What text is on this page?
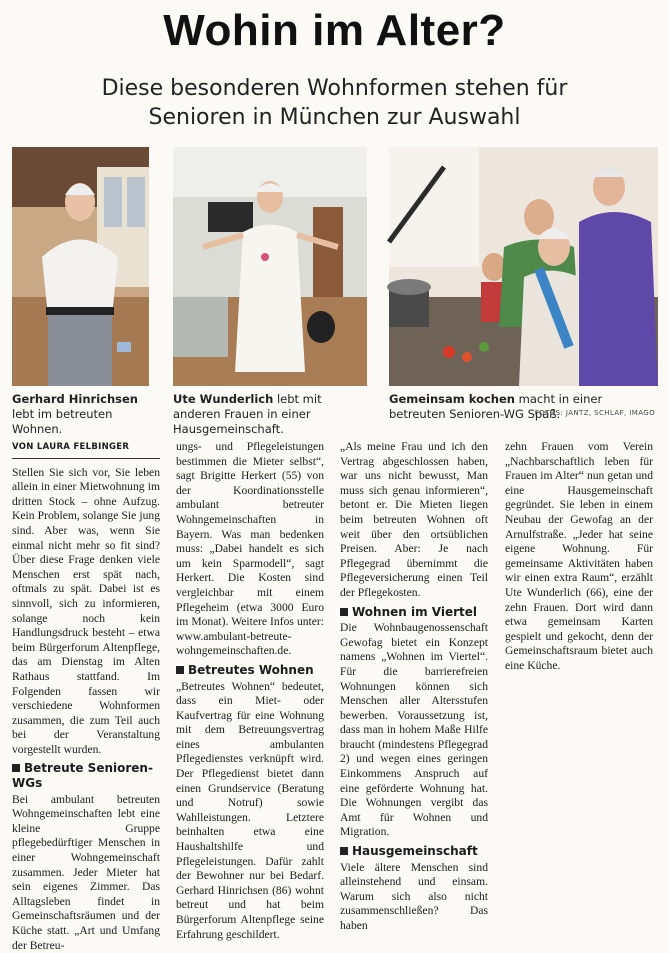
Wohin im Alter?
Diese besonderen Wohnformen stehen für Senioren in München zur Auswahl
Gerhard Hinrichsen lebt im betreuten Wohnen.
Ute Wunderlich lebt mit anderen Frauen in einer Hausgemeinschaft.
Gemeinsam kochen macht in einer betreuten Senioren-WG Spaß.
FOTOS: JANTZ, SCHLAF, IMAGO
VON LAURA FELBINGER

Stellen Sie sich vor, Sie leben allein in einer Mietwohnung im dritten Stock – ohne Aufzug. Kein Problem, solange Sie jung sind. Aber was, wenn Sie einmal nicht mehr so fit sind? Über diese Frage denken viele Menschen erst spät nach, oftmals zu spät. Dabei ist es sinnvoll, sich zu informieren, solange noch kein Handlungsdruck besteht – etwa beim Bürgerforum Altenpflege, das am Dienstag im Alten Rathaus stattfand. Im Folgenden fassen wir verschiedene Wohnformen zusammen, die zum Teil auch bei der Veranstaltung vorgestellt wurden.

Betreute Senioren-WGs

Bei ambulant betreuten Wohngemeinschaften lebt eine kleine Gruppe pflegebedürftiger Menschen in einer Wohngemeinschaft zusammen. Jeder Mieter hat sein eigenes Zimmer. Das Alltagsleben findet in Gemeinschaftsräumen und der Küche statt. „Art und Umfang der Betreu-

ungs- und Pflegeleistungen bestimmen die Mieter selbst“, sagt Brigitte Herkert (55) von der Koordinationsstelle ambulant betreuter Wohngemeinschaften in Bayern. Was man bedenken muss: „Dabei handelt es sich um kein Sparmodell“, sagt Herkert. Die Kosten sind vergleichbar mit einem Pflegeheim (etwa 3000 Euro im Monat). Weitere Infos unter: www.ambulant-betreute-wohngemeinschaften.de.

Betreutes Wohnen

„Betreutes Wohnen“ bedeutet, dass ein Miet- oder Kaufvertrag für eine Wohnung mit dem Betreuungsvertrag eines ambulanten Pflegedienstes verknüpft wird. Der Pflegedienst bietet dann einen Grundservice (Beratung und Notruf) sowie Wahlleistungen. Letztere beinhalten etwa eine Haushaltshilfe und Pflegeleistungen. Dafür zahlt der Bewohner nur bei Bedarf. Gerhard Hinrichsen (86) wohnt betreut und hat beim Bürgerforum Altenpflege seine Erfahrung geschildert.

„Als meine Frau und ich den Vertrag abgeschlossen haben, war uns nicht bewusst, Man muss sich genau informieren“, betont er. Die Mieten liegen beim betreuten Wohnen oft weit über den ortsüblichen Preisen. Aber: Je nach Pflegegrad übernimmt die Pflegeversicherung einen Teil der Pflegekosten.

Wohnen im Viertel

Die Wohnbaugenossenschaft Gewofag bietet ein Konzept namens „Wohnen im Viertel“. Für die barrierefreien Wohnungen können sich Menschen aller Altersstufen bewerben. Voraussetzung ist, dass man in hohem Maße Hilfe braucht (mindestens Pflegegrad 2) und wegen eines geringen Einkommens Anspruch auf eine geförderte Wohnung hat. Die Wohnungen vergibt das Amt für Wohnen und Migration.

Hausgemeinschaft

Viele ältere Menschen sind alleinstehend und einsam. Warum sich also nicht zusammenschließen? Das haben

zehn Frauen vom Verein „Nachbarschaftlich leben für Frauen im Alter“ nun getan und eine Hausgemeinschaft gegründet. Sie leben in einem Neubau der Gewofag an der Arnulfstraße. „Jeder hat seine eigene Wohnung. Für gemeinsame Aktivitäten haben wir einen extra Raum“, erzählt Ute Wunderlich (66), eine der zehn Frauen. Dort wird dann etwa gemeinsam Karten gespielt und gekocht, denn der Gemeinschaftsraum bietet auch eine Küche.
